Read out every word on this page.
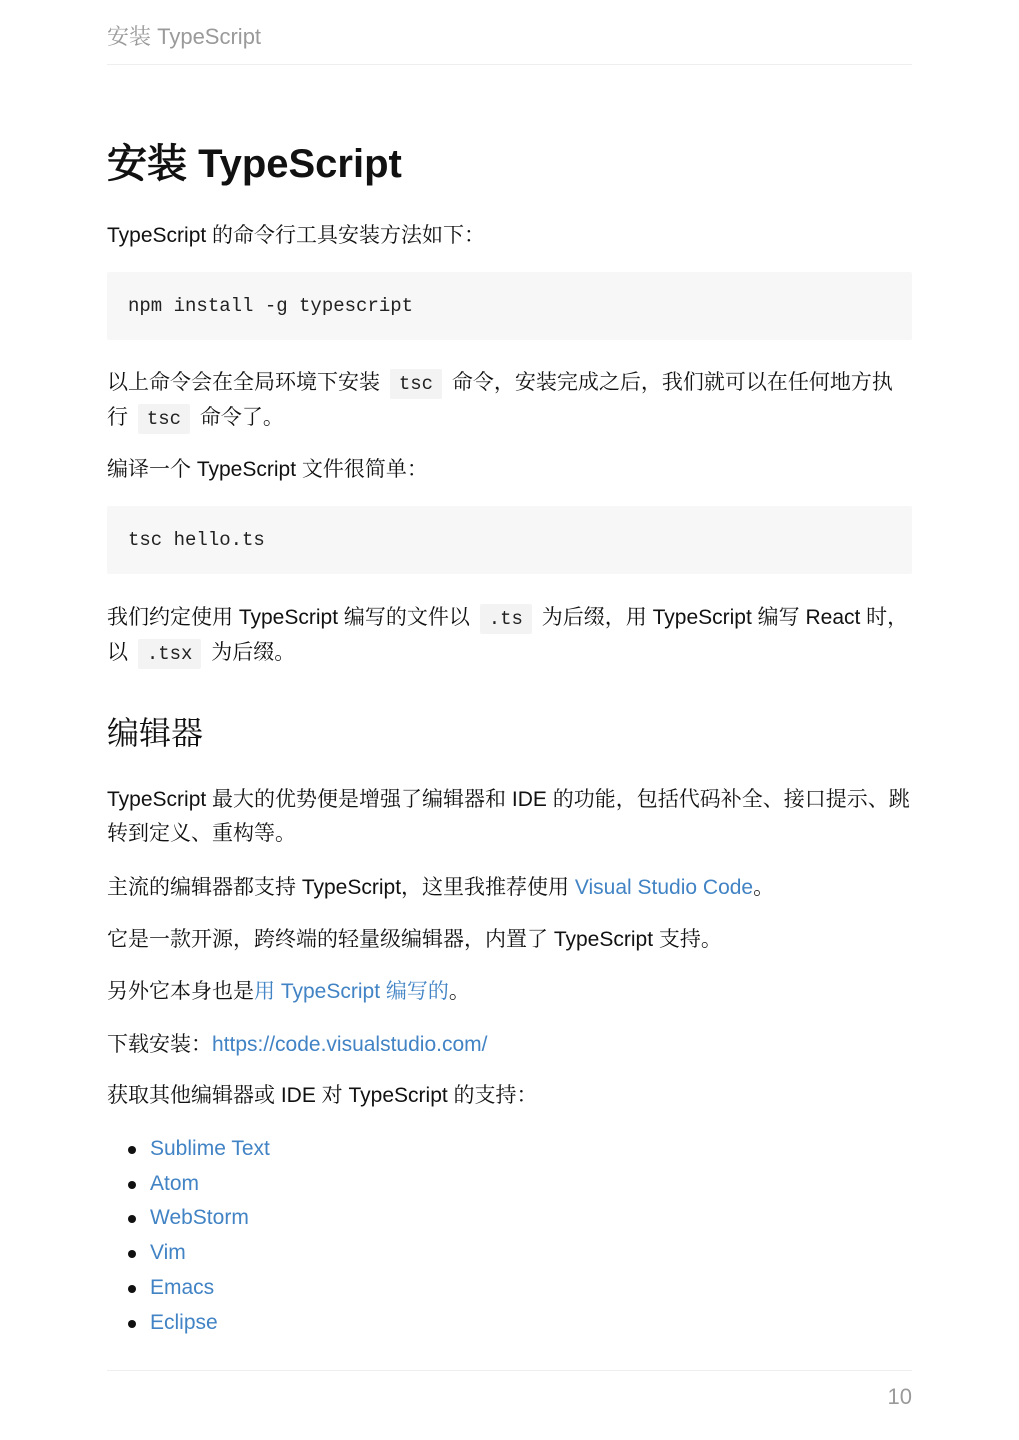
安装 TypeScript
安装 TypeScript

TypeScript 的命令行工具安装方法如下：

npm install -g typescript

以上命令会在全局环境下安装 tsc 命令，安装完成之后，我们就可以在任何地方执行 tsc 命令了。

编译一个 TypeScript 文件很简单：

tsc hello.ts

我们约定使用 TypeScript 编写的文件以 .ts 为后缀，用 TypeScript 编写 React 时，以 .tsx 为后缀。

编辑器

TypeScript 最大的优势便是增强了编辑器和 IDE 的功能，包括代码补全、接口提示、跳转到定义、重构等。

主流的编辑器都支持 TypeScript，这里我推荐使用 Visual Studio Code。

它是一款开源，跨终端的轻量级编辑器，内置了 TypeScript 支持。

另外它本身也是用 TypeScript 编写的。

下载安装：https://code.visualstudio.com/

获取其他编辑器或 IDE 对 TypeScript 的支持：

Sublime Text
Atom
WebStorm
Vim
Emacs
Eclipse
10
